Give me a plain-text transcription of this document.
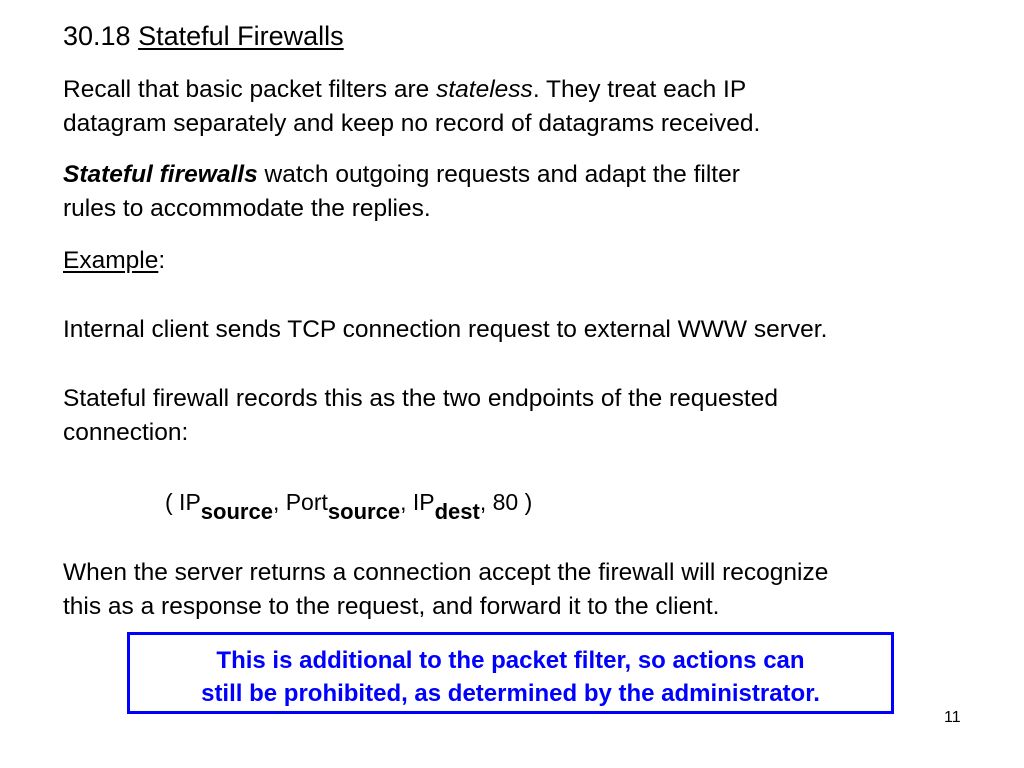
30.18 Stateful Firewalls
Recall that basic packet filters are stateless. They treat each IP
datagram separately and keep no record of datagrams received.
Stateful firewalls watch outgoing requests and adapt the filter
rules to accommodate the replies.
Example:
Internal client sends TCP connection request to external WWW server.
Stateful firewall records this as the two endpoints of the requested
connection:
( $IP_{source}$, Port$_{source}$, $IP_{dest}$, 80 )
When the server returns a connection accept the firewall will recognize
this as a response to the request, and forward it to the client.
This is additional to the packet filter, so actions can
still be prohibited, as determined by the administrator.
11
